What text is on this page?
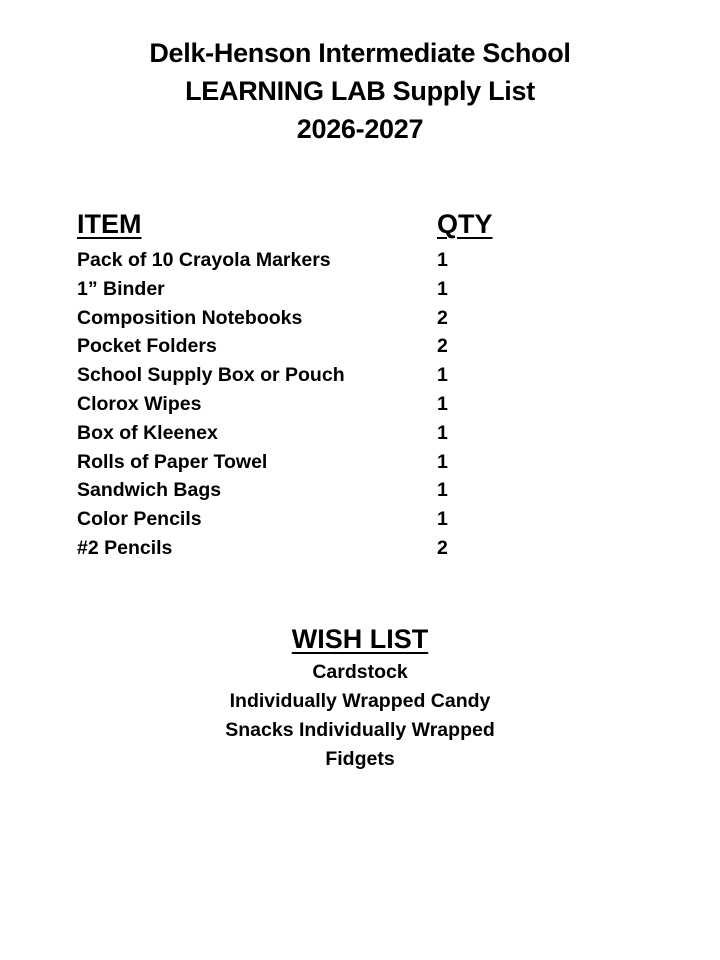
Delk-Henson Intermediate School
LEARNING LAB Supply List
2026-2027
ITEM	QTY
Pack of 10 Crayola Markers	1
1” Binder	1
Composition Notebooks	2
Pocket Folders	2
School Supply Box or Pouch	1
Clorox Wipes	1
Box of Kleenex	1
Rolls of Paper Towel	1
Sandwich Bags	1
Color Pencils	1
#2 Pencils	2
WISH LIST
Cardstock
Individually Wrapped Candy
Snacks Individually Wrapped
Fidgets
